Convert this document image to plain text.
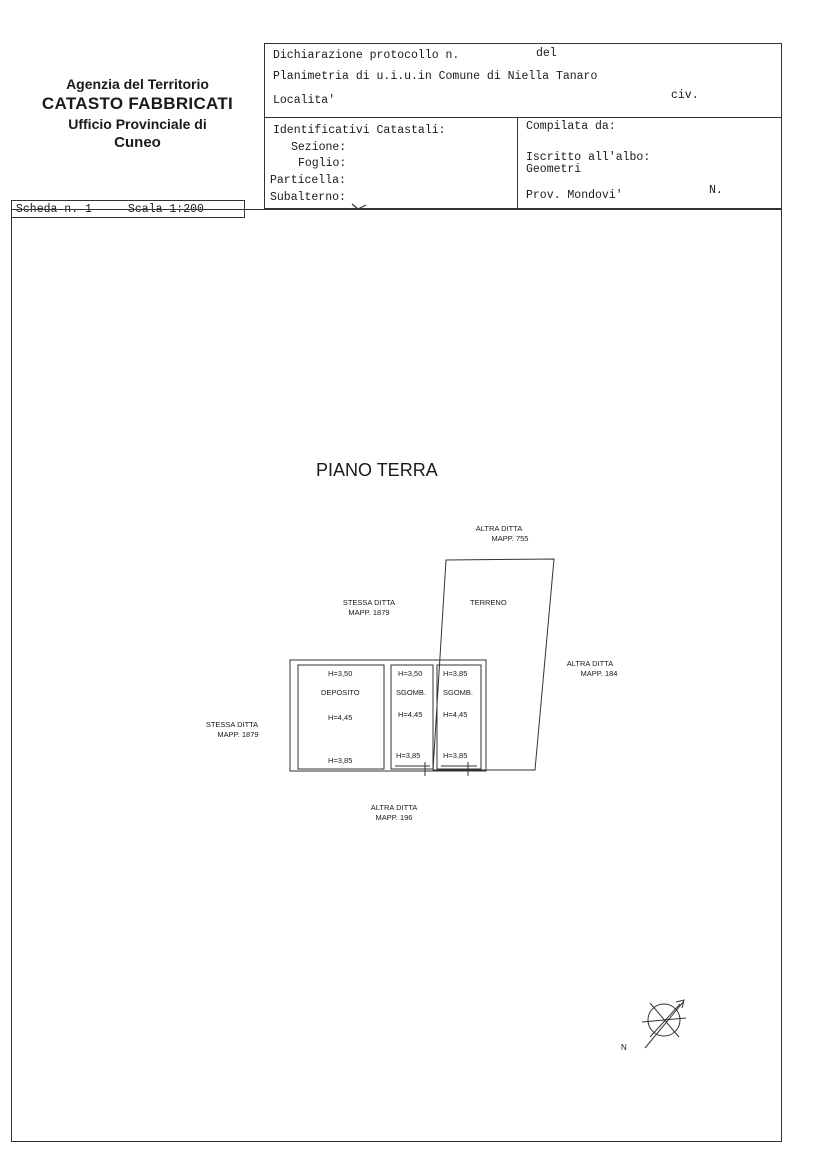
Agenzia del Territorio
CATASTO FABBRICATI
Ufficio Provinciale di
Cuneo
Dichiarazione protocollo n.	del
Planimetria di u.i.u.in Comune di Niella Tanaro
Localita'	civ.
Identificativi Catastali:
Sezione:
Foglio:
Particella:
Subalterno:
Compilata da:
Iscritto all'albo:
Geometri
Prov. Mondovi'	N.
Scheda n. 1	Scala 1:200
PIANO TERRA
N
ALTRA DITTA
MAPP. 755
STESSA DITTA
MAPP. 1879
ALTRA DITTA
MAPP. 184
STESSA DITTA
MAPP. 1879
ALTRA DITTA
MAPP. 196
TERRENO
H=3,50
DEPOSITO
H=4,45
H=3,85
H=3,50
SGOMB.
H=4,45
H=3,85
H=3,85
SGOMB.
H=4,45
H=3,85
